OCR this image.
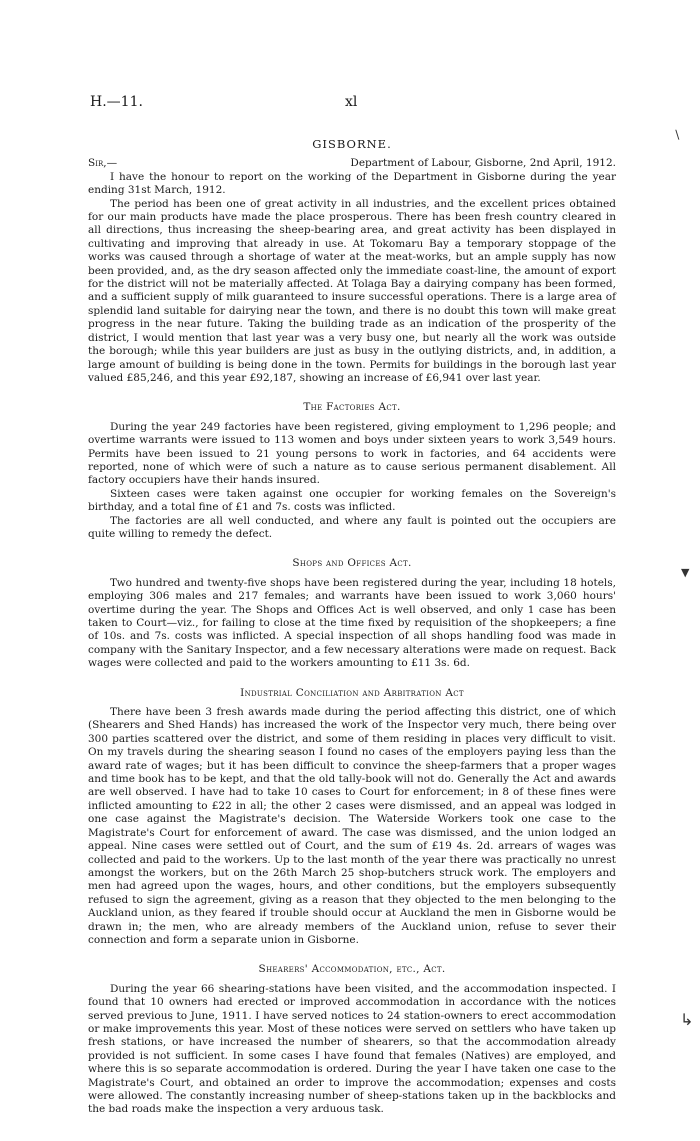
H.—11.	xl
∖
▼
↳
GISBORNE.
Sir,—	Department of Labour, Gisborne, 2nd April, 1912.

I have the honour to report on the working of the Department in Gisborne during the year ending 31st March, 1912.

The period has been one of great activity in all industries, and the excellent prices obtained for our main products have made the place prosperous. There has been fresh country cleared in all directions, thus increasing the sheep-bearing area, and great activity has been displayed in cultivating and improving that already in use. At Tokomaru Bay a temporary stoppage of the works was caused through a shortage of water at the meat-works, but an ample supply has now been provided, and, as the dry season affected only the immediate coast-line, the amount of export for the district will not be materially affected. At Tolaga Bay a dairying company has been formed, and a sufficient supply of milk guaranteed to insure successful operations. There is a large area of splendid land suitable for dairying near the town, and there is no doubt this town will make great progress in the near future. Taking the building trade as an indication of the prosperity of the district, I would mention that last year was a very busy one, but nearly all the work was outside the borough; while this year builders are just as busy in the outlying districts, and, in addition, a large amount of building is being done in the town. Permits for buildings in the borough last year valued £85,246, and this year £92,187, showing an increase of £6,941 over last year.

The Factories Act.

During the year 249 factories have been registered, giving employment to 1,296 people; and overtime warrants were issued to 113 women and boys under sixteen years to work 3,549 hours. Permits have been issued to 21 young persons to work in factories, and 64 accidents were reported, none of which were of such a nature as to cause serious permanent disablement. All factory occupiers have their hands insured.

Sixteen cases were taken against one occupier for working females on the Sovereign's birthday, and a total fine of £1 and 7s. costs was inflicted.

The factories are all well conducted, and where any fault is pointed out the occupiers are quite willing to remedy the defect.

Shops and Offices Act.

Two hundred and twenty-five shops have been registered during the year, including 18 hotels, employing 306 males and 217 females; and warrants have been issued to work 3,060 hours' overtime during the year. The Shops and Offices Act is well observed, and only 1 case has been taken to Court—viz., for failing to close at the time fixed by requisition of the shopkeepers; a fine of 10s. and 7s. costs was inflicted. A special inspection of all shops handling food was made in company with the Sanitary Inspector, and a few necessary alterations were made on request. Back wages were collected and paid to the workers amounting to £11 3s. 6d.

Industrial Conciliation and Arbitration Act

There have been 3 fresh awards made during the period affecting this district, one of which (Shearers and Shed Hands) has increased the work of the Inspector very much, there being over 300 parties scattered over the district, and some of them residing in places very difficult to visit. On my travels during the shearing season I found no cases of the employers paying less than the award rate of wages; but it has been difficult to convince the sheep-farmers that a proper wages and time book has to be kept, and that the old tally-book will not do. Generally the Act and awards are well observed. I have had to take 10 cases to Court for enforcement; in 8 of these fines were inflicted amounting to £22 in all; the other 2 cases were dismissed, and an appeal was lodged in one case against the Magistrate's decision. The Waterside Workers took one case to the Magistrate's Court for enforcement of award. The case was dismissed, and the union lodged an appeal. Nine cases were settled out of Court, and the sum of £19 4s. 2d. arrears of wages was collected and paid to the workers. Up to the last month of the year there was practically no unrest amongst the workers, but on the 26th March 25 shop-butchers struck work. The employers and men had agreed upon the wages, hours, and other conditions, but the employers subsequently refused to sign the agreement, giving as a reason that they objected to the men belonging to the Auckland union, as they feared if trouble should occur at Auckland the men in Gisborne would be drawn in; the men, who are already members of the Auckland union, refuse to sever their connection and form a separate union in Gisborne.

Shearers' Accommodation, etc., Act.

During the year 66 shearing-stations have been visited, and the accommodation inspected. I found that 10 owners had erected or improved accommodation in accordance with the notices served previous to June, 1911. I have served notices to 24 station-owners to erect accommodation or make improvements this year. Most of these notices were served on settlers who have taken up fresh stations, or have increased the number of shearers, so that the accommodation already provided is not sufficient. In some cases I have found that females (Natives) are employed, and where this is so separate accommodation is ordered. During the year I have taken one case to the Magistrate's Court, and obtained an order to improve the accommodation; expenses and costs were allowed. The constantly increasing number of sheep-stations taken up in the backblocks and the bad roads make the inspection a very arduous task.
